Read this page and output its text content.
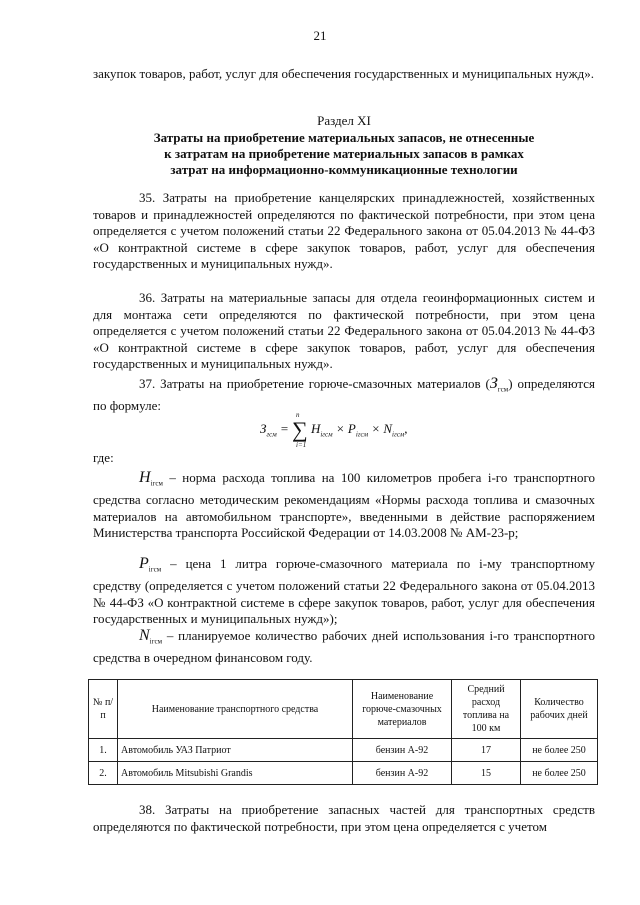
21
закупок товаров, работ, услуг для обеспечения государственных и муниципальных нужд».
Раздел XI
Затраты на приобретение материальных запасов, не отнесенные
к затратам на приобретение материальных запасов в рамках
затрат на информационно-коммуникационные технологии
35. Затраты на приобретение канцелярских принадлежностей, хозяйственных товаров и принадлежностей определяются по фактической потребности, при этом цена определяется с учетом положений статьи 22 Федерального закона от 05.04.2013 № 44-ФЗ «О контрактной системе в сфере закупок товаров, работ, услуг для обеспечения государственных и муниципальных нужд».
36. Затраты на материальные запасы для отдела геоинформационных систем и для монтажа сети определяются по фактической потребности, при этом цена определяется с учетом положений статьи 22 Федерального закона от 05.04.2013 № 44-ФЗ «О контрактной системе в сфере закупок товаров, работ, услуг для обеспечения государственных и муниципальных нужд».
37. Затраты на приобретение горюче-смазочных материалов $(З_{гсм})$ определяются по формуле:
$З_{гсм}$ = ∑
n
i=1
$H_{iгсм} \times P_{iгсм} \times N_{iгсм}$,
где:
$H_{iгсм}$ – норма расхода топлива на 100 километров пробега i-го транспортного средства согласно методическим рекомендациям «Нормы расхода топлива и смазочных материалов на автомобильном транспорте», введенными в действие распоряжением Министерства транспорта Российской Федерации от 14.03.2008 № АМ-23-р;
$P_{iгсм}$ – цена 1 литра горюче-смазочного материала по i-му транспортному средству (определяется с учетом положений статьи 22 Федерального закона от 05.04.2013 № 44-ФЗ «О контрактной системе в сфере закупок товаров, работ, услуг для обеспечения государственных и муниципальных нужд»);
$N_{iгсм}$ – планируемое количество рабочих дней использования i-го транспортного средства в очередном финансовом году.
№ п/п	Наименование транспортного средства	Наименование горюче-смазочных материалов	Средний расход топлива на 100 км	Количество рабочих дней
1.	Автомобиль УАЗ Патриот	бензин А-92	17	не более 250
2.	Автомобиль Mitsubishi Grandis	бензин А-92	15	не более 250
38. Затраты на приобретение запасных частей для транспортных средств определяются по фактической потребности, при этом цена определяется с учетом
